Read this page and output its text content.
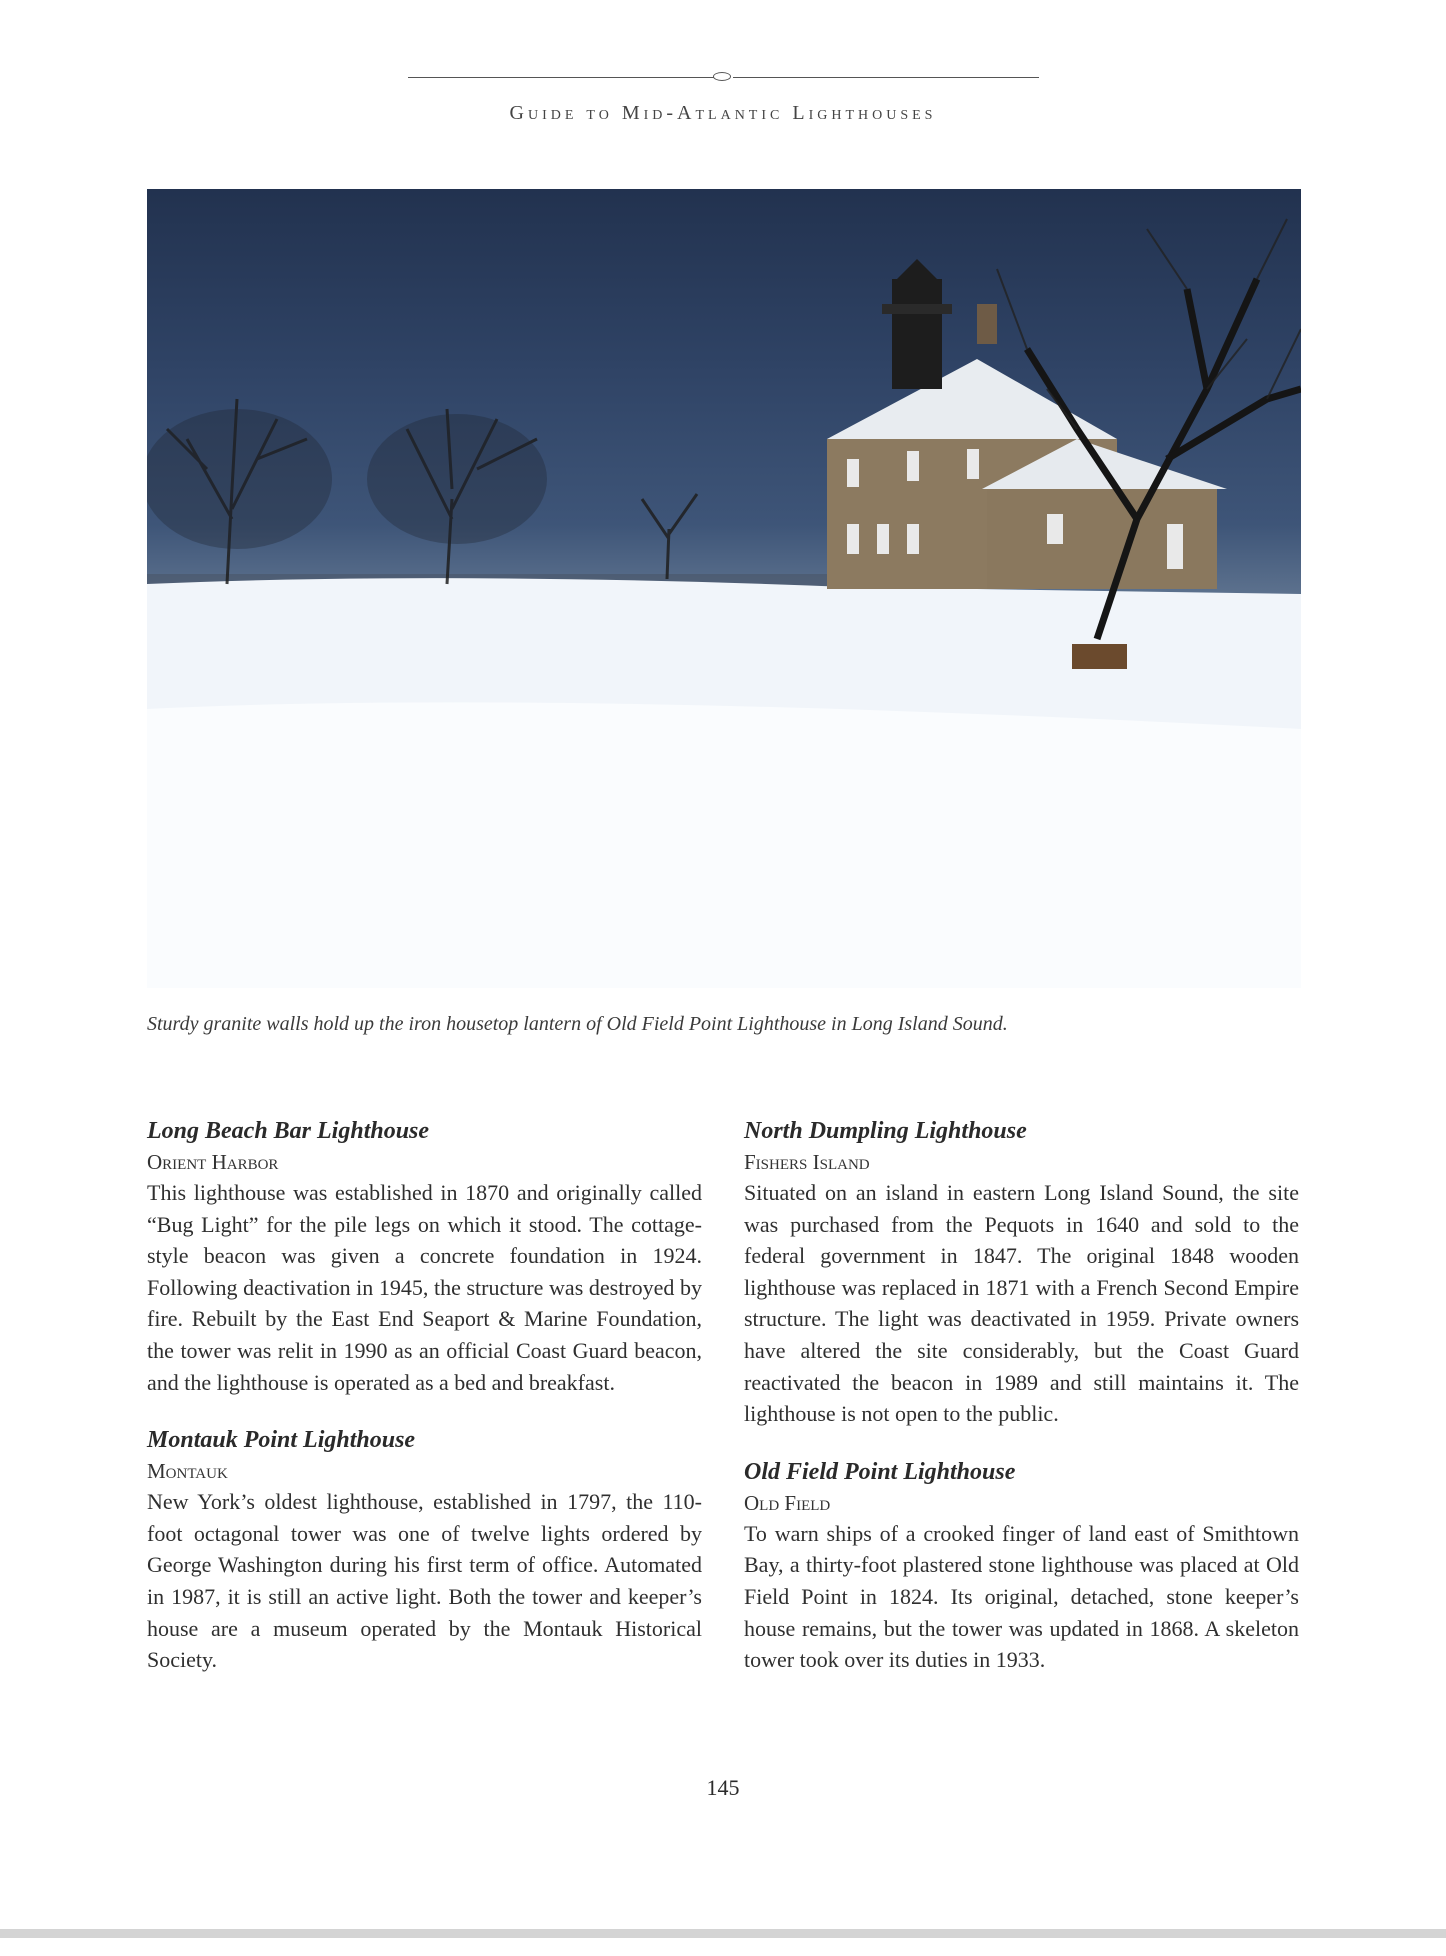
Guide to Mid-Atlantic Lighthouses
Sturdy granite walls hold up the iron housetop lantern of Old Field Point Lighthouse in Long Island Sound.
Long Beach Bar Lighthouse
Orient Harbor

This lighthouse was established in 1870 and originally called “Bug Light” for the pile legs on which it stood. The cottage-style beacon was given a concrete foundation in 1924. Following deactivation in 1945, the structure was destroyed by fire. Rebuilt by the East End Seaport & Marine Foundation, the tower was relit in 1990 as an official Coast Guard beacon, and the lighthouse is operated as a bed and breakfast.

Montauk Point Lighthouse
Montauk

New York’s oldest lighthouse, established in 1797, the 110-foot octagonal tower was one of twelve lights ordered by George Washington during his first term of office. Automated in 1987, it is still an active light. Both the tower and keeper’s house are a museum operated by the Montauk Historical Society.

North Dumpling Lighthouse
Fishers Island

Situated on an island in eastern Long Island Sound, the site was purchased from the Pequots in 1640 and sold to the federal government in 1847. The original 1848 wooden lighthouse was replaced in 1871 with a French Second Empire structure. The light was deactivated in 1959. Private owners have altered the site considerably, but the Coast Guard reactivated the beacon in 1989 and still maintains it. The lighthouse is not open to the public.

Old Field Point Lighthouse
Old Field

To warn ships of a crooked finger of land east of Smithtown Bay, a thirty-foot plastered stone lighthouse was placed at Old Field Point in 1824. Its original, detached, stone keeper’s house remains, but the tower was updated in 1868. A skeleton tower took over its duties in 1933.

145
